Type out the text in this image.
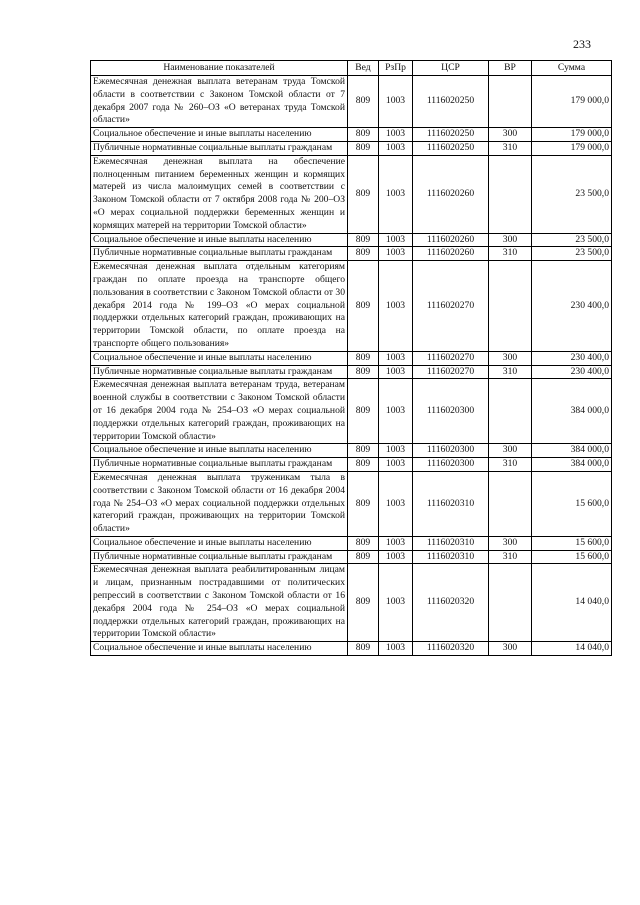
233
Наименование показателей	Вед	РзПр	ЦСР	ВР	Сумма
Ежемесячная денежная выплата ветеранам труда Томской области в соответствии с Законом Томской области от 7 декабря 2007 года № 260–ОЗ «О ветеранах труда Томской области»	809	1003	1116020250		179 000,0
Социальное обеспечение и иные выплаты населению	809	1003	1116020250	300	179 000,0
Публичные нормативные социальные выплаты гражданам	809	1003	1116020250	310	179 000,0
Ежемесячная денежная выплата на обеспечение полноценным питанием беременных женщин и кормящих матерей из числа малоимущих семей в соответствии с Законом Томской области от 7 октября 2008 года № 200–ОЗ «О мерах социальной поддержки беременных женщин и кормящих матерей на территории Томской области»	809	1003	1116020260		23 500,0
Социальное обеспечение и иные выплаты населению	809	1003	1116020260	300	23 500,0
Публичные нормативные социальные выплаты гражданам	809	1003	1116020260	310	23 500,0
Ежемесячная денежная выплата отдельным категориям граждан по оплате проезда на транспорте общего пользования в соответствии с Законом Томской области от 30 декабря 2014 года № 199–ОЗ «О мерах социальной поддержки отдельных категорий граждан, проживающих на территории Томской области, по оплате проезда на транспорте общего пользования»	809	1003	1116020270		230 400,0
Социальное обеспечение и иные выплаты населению	809	1003	1116020270	300	230 400,0
Публичные нормативные социальные выплаты гражданам	809	1003	1116020270	310	230 400,0
Ежемесячная денежная выплата ветеранам труда, ветеранам военной службы в соответствии с Законом Томской области от 16 декабря 2004 года № 254–ОЗ «О мерах социальной поддержки отдельных категорий граждан, проживающих на территории Томской области»	809	1003	1116020300		384 000,0
Социальное обеспечение и иные выплаты населению	809	1003	1116020300	300	384 000,0
Публичные нормативные социальные выплаты гражданам	809	1003	1116020300	310	384 000,0
Ежемесячная денежная выплата труженикам тыла в соответствии с Законом Томской области от 16 декабря 2004 года № 254–ОЗ «О мерах социальной поддержки отдельных категорий граждан, проживающих на территории Томской области»	809	1003	1116020310		15 600,0
Социальное обеспечение и иные выплаты населению	809	1003	1116020310	300	15 600,0
Публичные нормативные социальные выплаты гражданам	809	1003	1116020310	310	15 600,0
Ежемесячная денежная выплата реабилитированным лицам и лицам, признанным пострадавшими от политических репрессий в соответствии с Законом Томской области от 16 декабря 2004 года № 254–ОЗ «О мерах социальной поддержки отдельных категорий граждан, проживающих на территории Томской области»	809	1003	1116020320		14 040,0
Социальное обеспечение и иные выплаты населению	809	1003	1116020320	300	14 040,0
